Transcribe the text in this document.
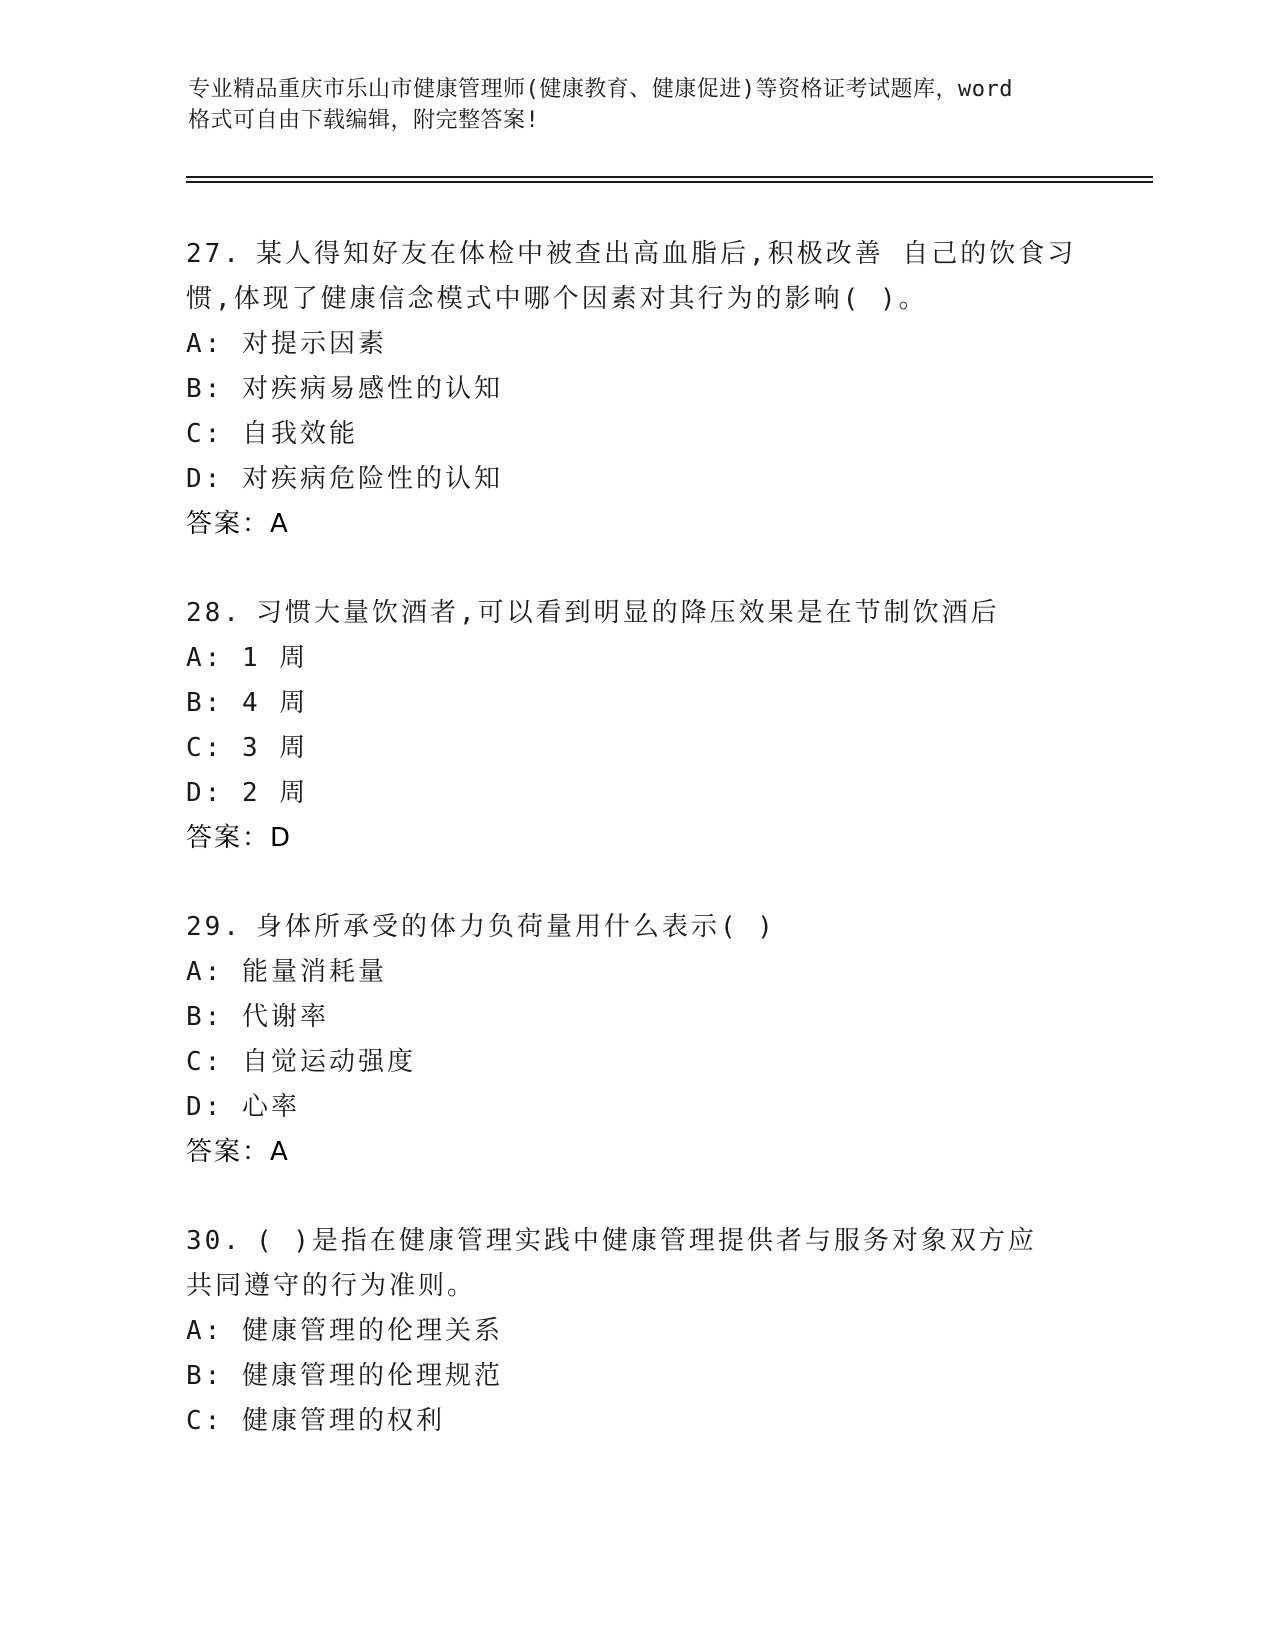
专业精品重庆市乐山市健康管理师(健康教育、健康促进)等资格证考试题库，word
格式可自由下载编辑，附完整答案!

27. 某人得知好友在体检中被查出高血脂后,积极改善 自己的饮食习

惯,体现了健康信念模式中哪个因素对其行为的影响( )。

A: 对提示因素

B: 对疾病易感性的认知

C: 自我效能

D: 对疾病危险性的认知

答案：A

28. 习惯大量饮酒者,可以看到明显的降压效果是在节制饮酒后

A: 1 周

B: 4 周

C: 3 周

D: 2 周

答案：D

29. 身体所承受的体力负荷量用什么表示( )

A: 能量消耗量

B: 代谢率

C: 自觉运动强度

D: 心率

答案：A

30. ( )是指在健康管理实践中健康管理提供者与服务对象双方应

共同遵守的行为准则。

A: 健康管理的伦理关系

B: 健康管理的伦理规范

C: 健康管理的权利
